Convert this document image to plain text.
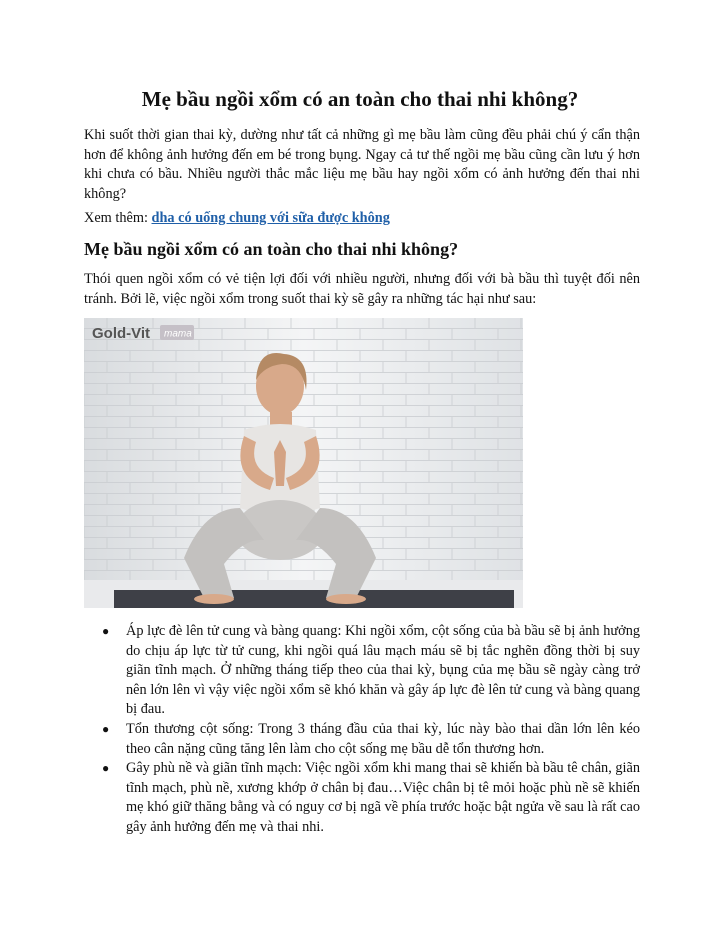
Mẹ bầu ngồi xổm có an toàn cho thai nhi không?

Khi suốt thời gian thai kỳ, dường như tất cả những gì mẹ bầu làm cũng đều phải chú ý cẩn thận hơn để không ảnh hưởng đến em bé trong bụng. Ngay cả tư thế ngồi mẹ bầu cũng cần lưu ý hơn khi chưa có bầu. Nhiều người thắc mắc liệu mẹ bầu hay ngồi xổm có ảnh hưởng đến thai nhi không?

Xem thêm: dha có uống chung với sữa được không

Mẹ bầu ngồi xổm có an toàn cho thai nhi không?

Thói quen ngồi xổm có vẻ tiện lợi đối với nhiều người, nhưng đối với bà bầu thì tuyệt đối nên tránh. Bởi lẽ, việc ngồi xổm trong suốt thai kỳ sẽ gây ra những tác hại như sau:

Gold-Vit mama
● Áp lực đè lên tử cung và bàng quang: Khi ngồi xổm, cột sống của bà bầu sẽ bị ảnh hưởng do chịu áp lực từ tử cung, khi ngồi quá lâu mạch máu sẽ bị tắc nghẽn đồng thời bị suy giãn tĩnh mạch. Ở những tháng tiếp theo của thai kỳ, bụng của mẹ bầu sẽ ngày càng trở nên lớn lên vì vậy việc ngồi xổm sẽ khó khăn và gây áp lực đè lên tử cung và bàng quang bị đau.
● Tổn thương cột sống: Trong 3 tháng đầu của thai kỳ, lúc này bào thai dần lớn lên kéo theo cân nặng cũng tăng lên làm cho cột sống mẹ bầu dễ tổn thương hơn.
● Gây phù nề và giãn tĩnh mạch: Việc ngồi xổm khi mang thai sẽ khiến bà bầu tê chân, giãn tĩnh mạch, phù nề, xương khớp ở chân bị đau…Việc chân bị tê mỏi hoặc phù nề sẽ khiến mẹ khó giữ thăng bằng và có nguy cơ bị ngã về phía trước hoặc bật ngửa về sau là rất cao gây ảnh hưởng đến mẹ và thai nhi.
